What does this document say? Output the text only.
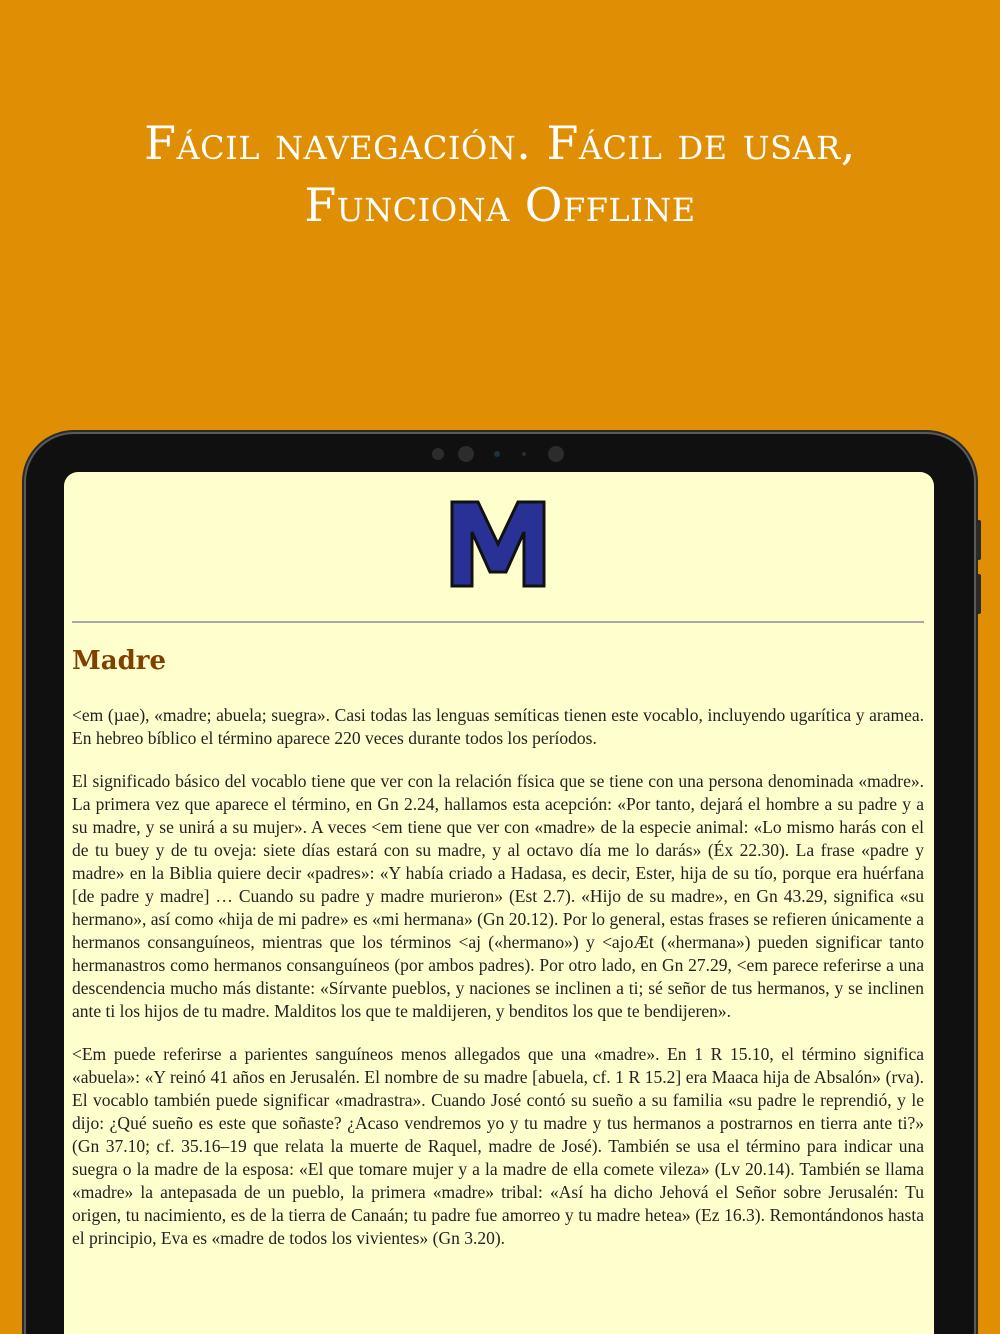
Fácil navegación. Fácil de usar,
Funciona Offline
Madre

<em (µae), «madre; abuela; suegra». Casi todas las lenguas semíticas tienen este vocablo, incluyendo ugarítica y aramea. En hebreo bíblico el término aparece 220 veces durante todos los períodos.

El significado básico del vocablo tiene que ver con la relación física que se tiene con una persona denominada «madre». La primera vez que aparece el término, en Gn 2.24, hallamos esta acepción: «Por tanto, dejará el hombre a su padre y a su madre, y se unirá a su mujer». A veces <em tiene que ver con «madre» de la especie animal: «Lo mismo harás con el de tu buey y de tu oveja: siete días estará con su madre, y al octavo día me lo darás» (Éx 22.30). La frase «padre y madre» en la Biblia quiere decir «padres»: «Y había criado a Hadasa, es decir, Ester, hija de su tío, porque era huérfana [de padre y madre] … Cuando su padre y madre murieron» (Est 2.7). «Hijo de su madre», en Gn 43.29, significa «su hermano», así como «hija de mi padre» es «mi hermana» (Gn 20.12). Por lo general, estas frases se refieren únicamente a hermanos consanguíneos, mientras que los términos <aj («hermano») y <ajoÆt («hermana») pueden significar tanto hermanastros como hermanos consanguíneos (por ambos padres). Por otro lado, en Gn 27.29, <em parece referirse a una descendencia mucho más distante: «Sírvante pueblos, y naciones se inclinen a ti; sé señor de tus hermanos, y se inclinen ante ti los hijos de tu madre. Malditos los que te maldijeren, y benditos los que te bendijeren».

<Em puede referirse a parientes sanguíneos menos allegados que una «madre». En 1 R 15.10, el término significa «abuela»: «Y reinó 41 años en Jerusalén. El nombre de su madre [abuela, cf. 1 R 15.2] era Maaca hija de Absalón» (rva). El vocablo también puede significar «madrastra». Cuando José contó su sueño a su familia «su padre le reprendió, y le dijo: ¿Qué sueño es este que soñaste? ¿Acaso vendremos yo y tu madre y tus hermanos a postrarnos en tierra ante ti?» (Gn 37.10; cf. 35.16–19 que relata la muerte de Raquel, madre de José). También se usa el término para indicar una suegra o la madre de la esposa: «El que tomare mujer y a la madre de ella comete vileza» (Lv 20.14). También se llama «madre» la antepasada de un pueblo, la primera «madre» tribal: «Así ha dicho Jehová el Señor sobre Jerusalén: Tu origen, tu nacimiento, es de la tierra de Canaán; tu padre fue amorreo y tu madre hetea» (Ez 16.3). Remontándonos hasta el principio, Eva es «madre de todos los vivientes» (Gn 3.20).
